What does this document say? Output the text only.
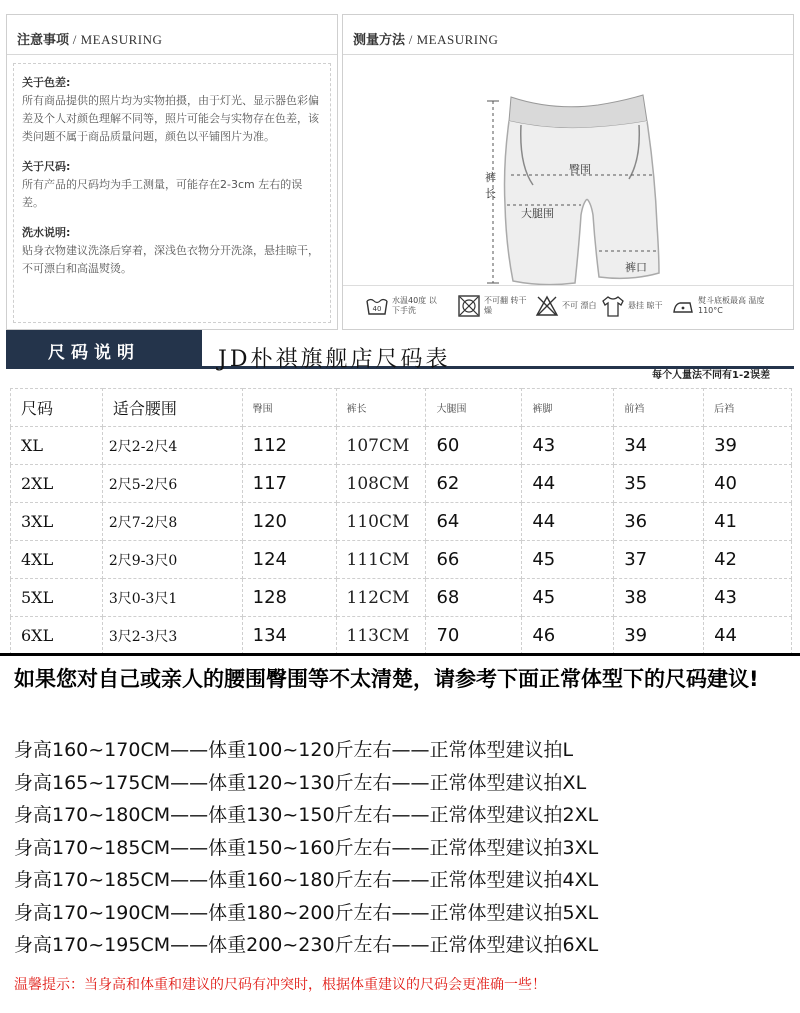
注意事项 / MEASURING
关于色差:
所有商品提供的照片均为实物拍摄，由于灯光、显示器色彩偏差及个人对颜色理解不同等，照片可能会与实物存在色差，该类问题不属于商品质量问题，颜色以平铺图片为准。
关于尺码:
所有产品的尺码均为手工测量，可能存在2-3cm 左右的误差。
洗水说明:
贴身衣物建议洗涤后穿着，深浅色衣物分开洗涤，悬挂晾干，不可漂白和高温熨烫。
测量方法 / MEASURING
臀围
裤
长
大腿围
裤口
40
水温40度 以下手洗
不可翻 转干燥
不可 漂白	悬挂 晾干
熨斗底板最高 温度110°C
尺码说明	JD朴祺旗舰店尺码表
每个人量法不同有1-2误差
尺码	适合腰围	臀围	裤长	大腿围	裤脚	前裆	后裆
XL	2尺2-2尺4	112	107CM	60	43	34	39
2XL	2尺5-2尺6	117	108CM	62	44	35	40
3XL	2尺7-2尺8	120	110CM	64	44	36	41
4XL	2尺9-3尺0	124	111CM	66	45	37	42
5XL	3尺0-3尺1	128	112CM	68	45	38	43
6XL	3尺2-3尺3	134	113CM	70	46	39	44
如果您对自己或亲人的腰围臀围等不太清楚，请参考下面正常体型下的尺码建议!
身高160~170CM——体重100~120斤左右——正常体型建议拍L
身高165~175CM——体重120~130斤左右——正常体型建议拍XL
身高170~180CM——体重130~150斤左右——正常体型建议拍2XL
身高170~185CM——体重150~160斤左右——正常体型建议拍3XL
身高170~185CM——体重160~180斤左右——正常体型建议拍4XL
身高170~190CM——体重180~200斤左右——正常体型建议拍5XL
身高170~195CM——体重200~230斤左右——正常体型建议拍6XL
温馨提示：当身高和体重和建议的尺码有冲突时，根据体重建议的尺码会更准确一些！
